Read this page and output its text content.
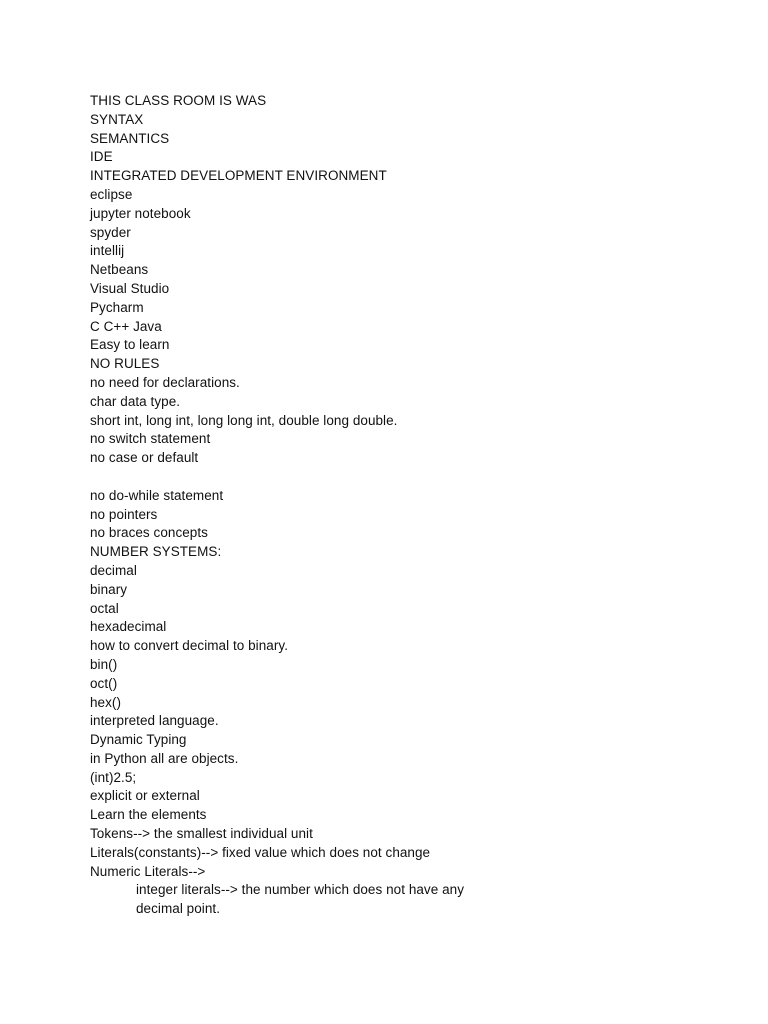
THIS CLASS ROOM IS WAS
SYNTAX
SEMANTICS
IDE
INTEGRATED DEVELOPMENT ENVIRONMENT
eclipse
jupyter notebook
spyder
intellij
Netbeans
Visual Studio
Pycharm
C C++ Java
Easy to learn
NO RULES
no need for declarations.
char data type.
short int, long int, long long int, double long double.
no switch statement
no case or default
no do-while statement
no pointers
no braces concepts
NUMBER SYSTEMS:
decimal
binary
octal
hexadecimal
how to convert decimal to binary.
bin()
oct()
hex()
interpreted language.
Dynamic Typing
in Python all are objects.
(int)2.5;
explicit or external
Learn the elements
Tokens--> the smallest individual unit
Literals(constants)--> fixed value which does not change
Numeric Literals-->
integer literals--> the number which does not have any
decimal point.
